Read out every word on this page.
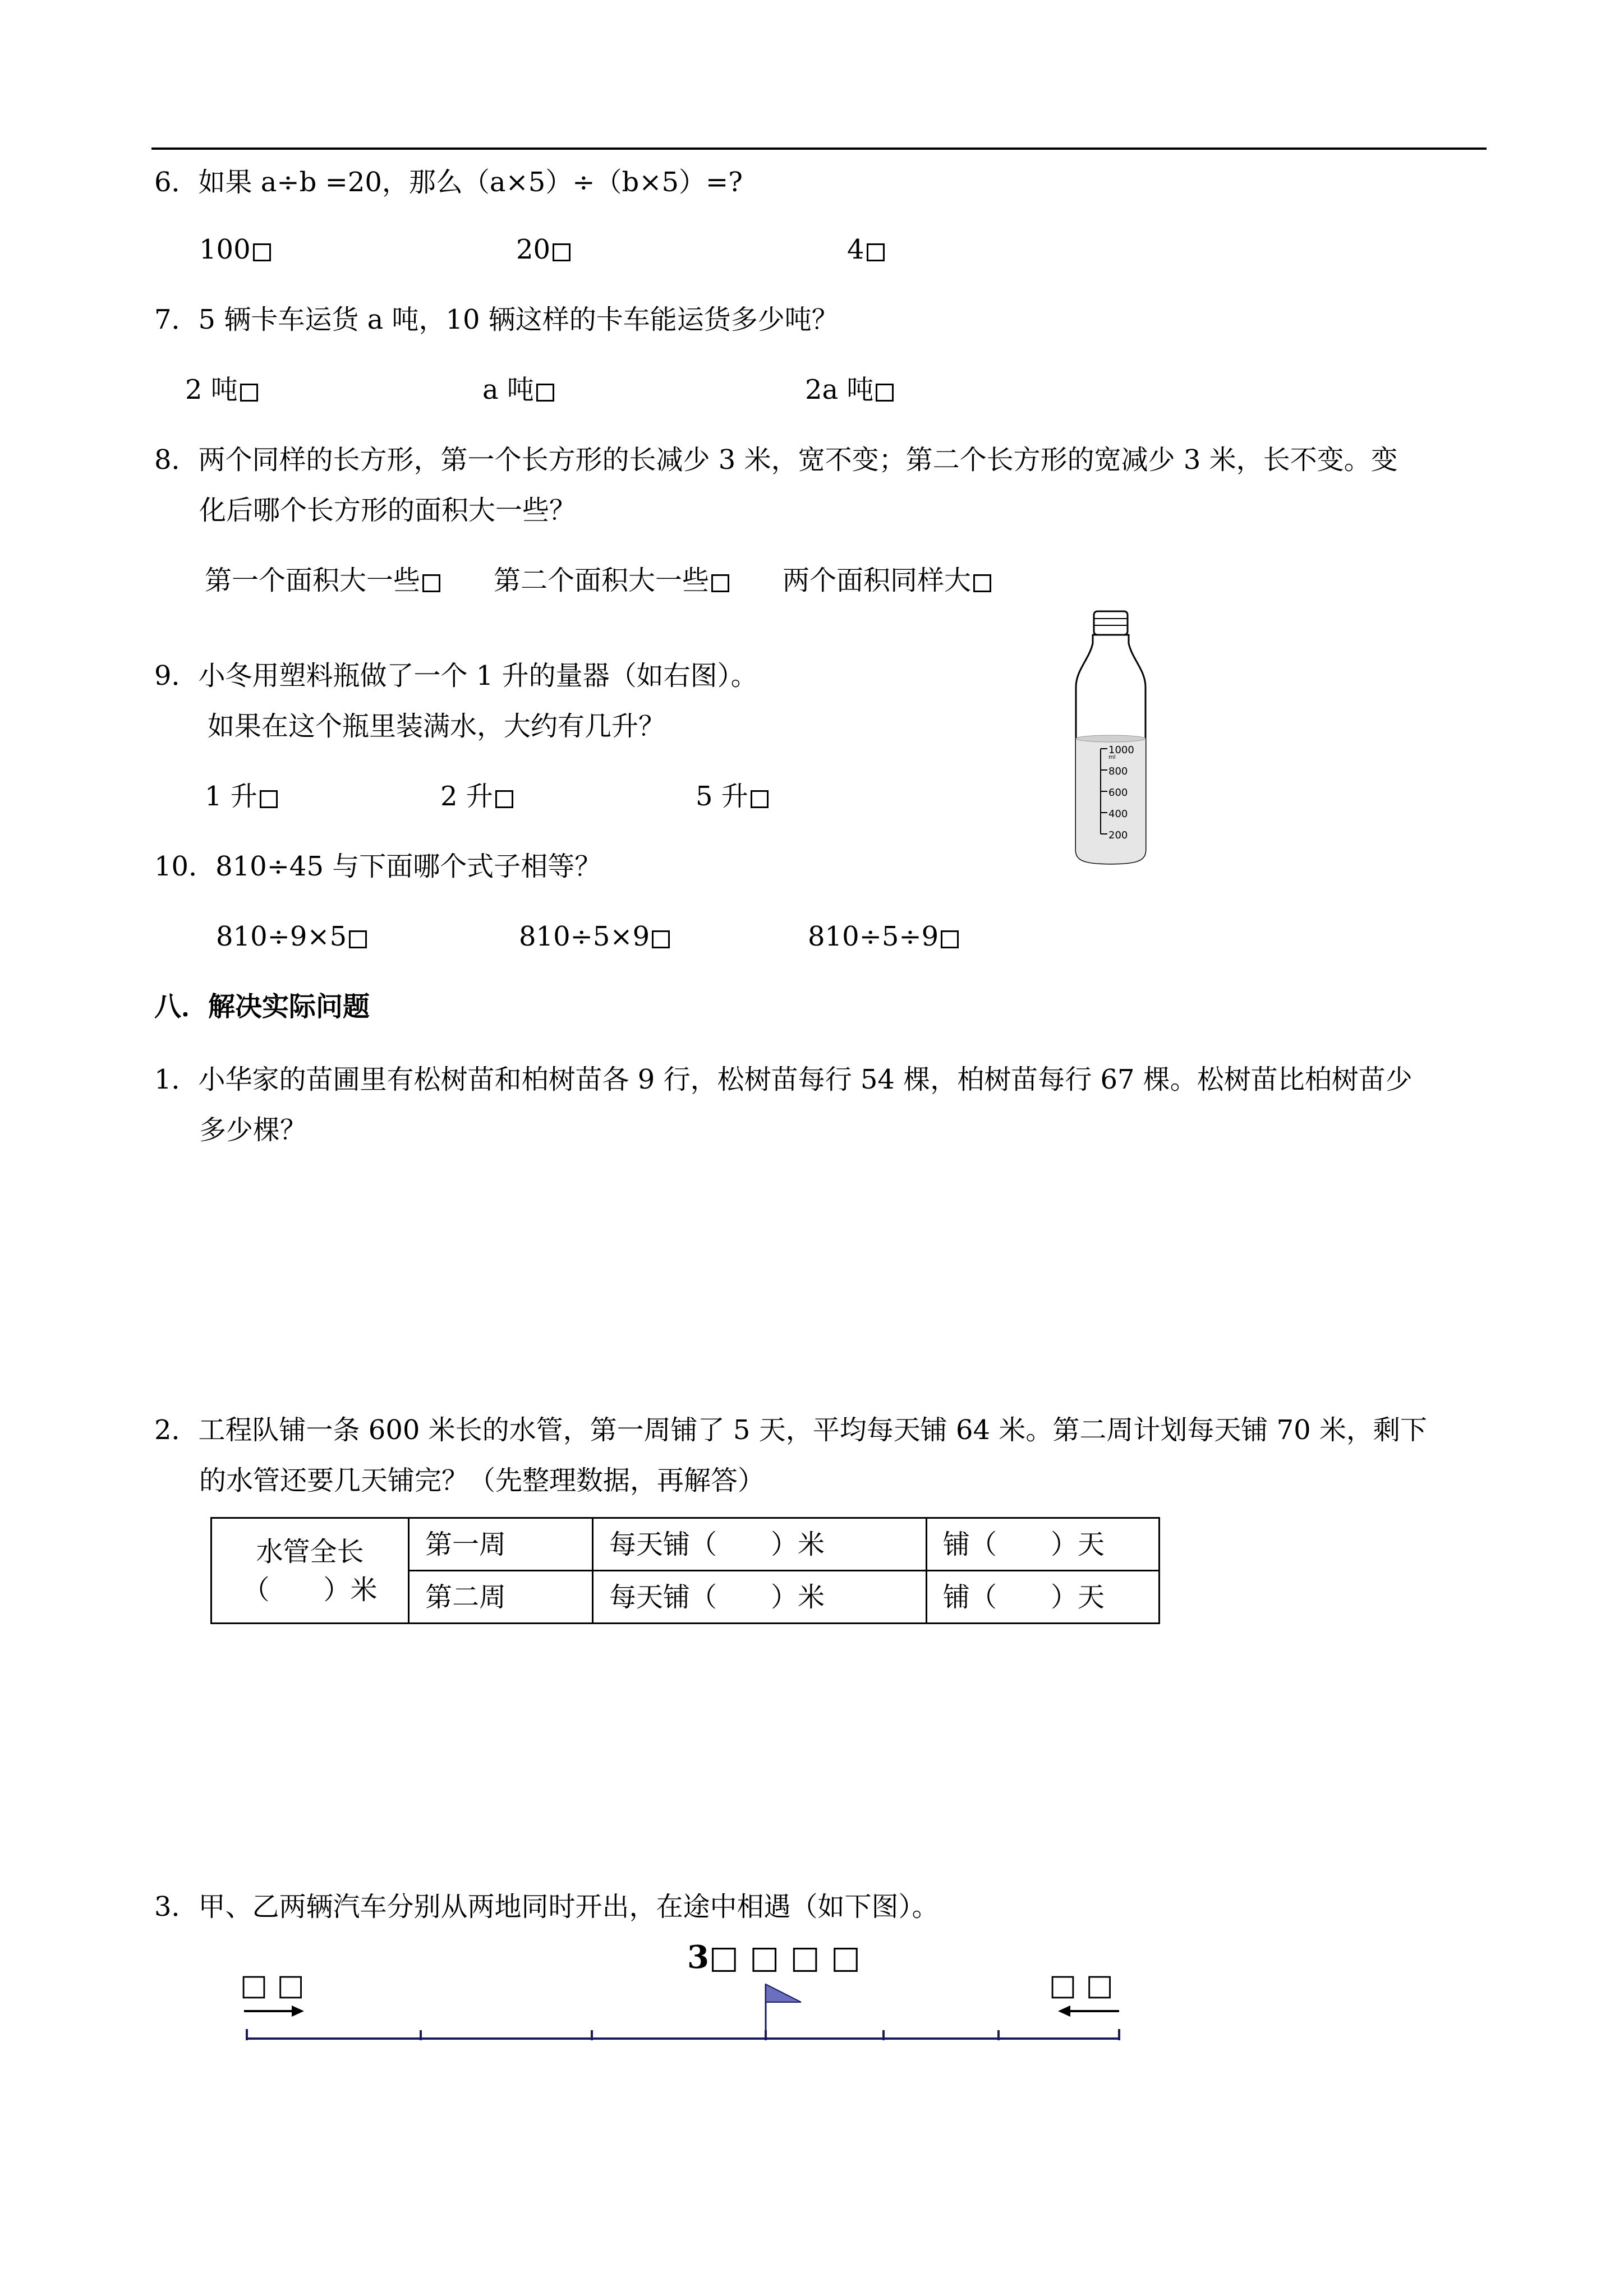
6．如果 a÷b =20，那么（a×5）÷（b×5）=?
100	20	4
7．5 辆卡车运货 a 吨，10 辆这样的卡车能运货多少吨？
2 吨	a 吨	2a 吨
8．两个同样的长方形，第一个长方形的长减少 3 米，宽不变；第二个长方形的宽减少 3 米，长不变。变
化后哪个长方形的面积大一些？
第一个面积大一些	第二个面积大一些	两个面积同样大
9．小冬用塑料瓶做了一个 1 升的量器（如右图）。
如果在这个瓶里装满水，大约有几升？
1 升	2 升	5 升
1000
ml
800
600
400
200
10．810÷45 与下面哪个式子相等？
810÷9×5	810÷5×9	810÷5÷9
八．解决实际问题
1．小华家的苗圃里有松树苗和柏树苗各 9 行，松树苗每行 54 棵，柏树苗每行 67 棵。松树苗比柏树苗少
多少棵？
2．工程队铺一条 600 米长的水管，第一周铺了 5 天，平均每天铺 64 米。第二周计划每天铺 70 米，剩下
的水管还要几天铺完？（先整理数据，再解答）
水管全长
（　　）米	第一周	每天铺（　　）米	铺（　　）天
	第二周	每天铺（　　）米	铺（　　）天
3．甲、乙两辆汽车分别从两地同时开出，在途中相遇（如下图）。
3□ □ □ □
□ □	□ □
